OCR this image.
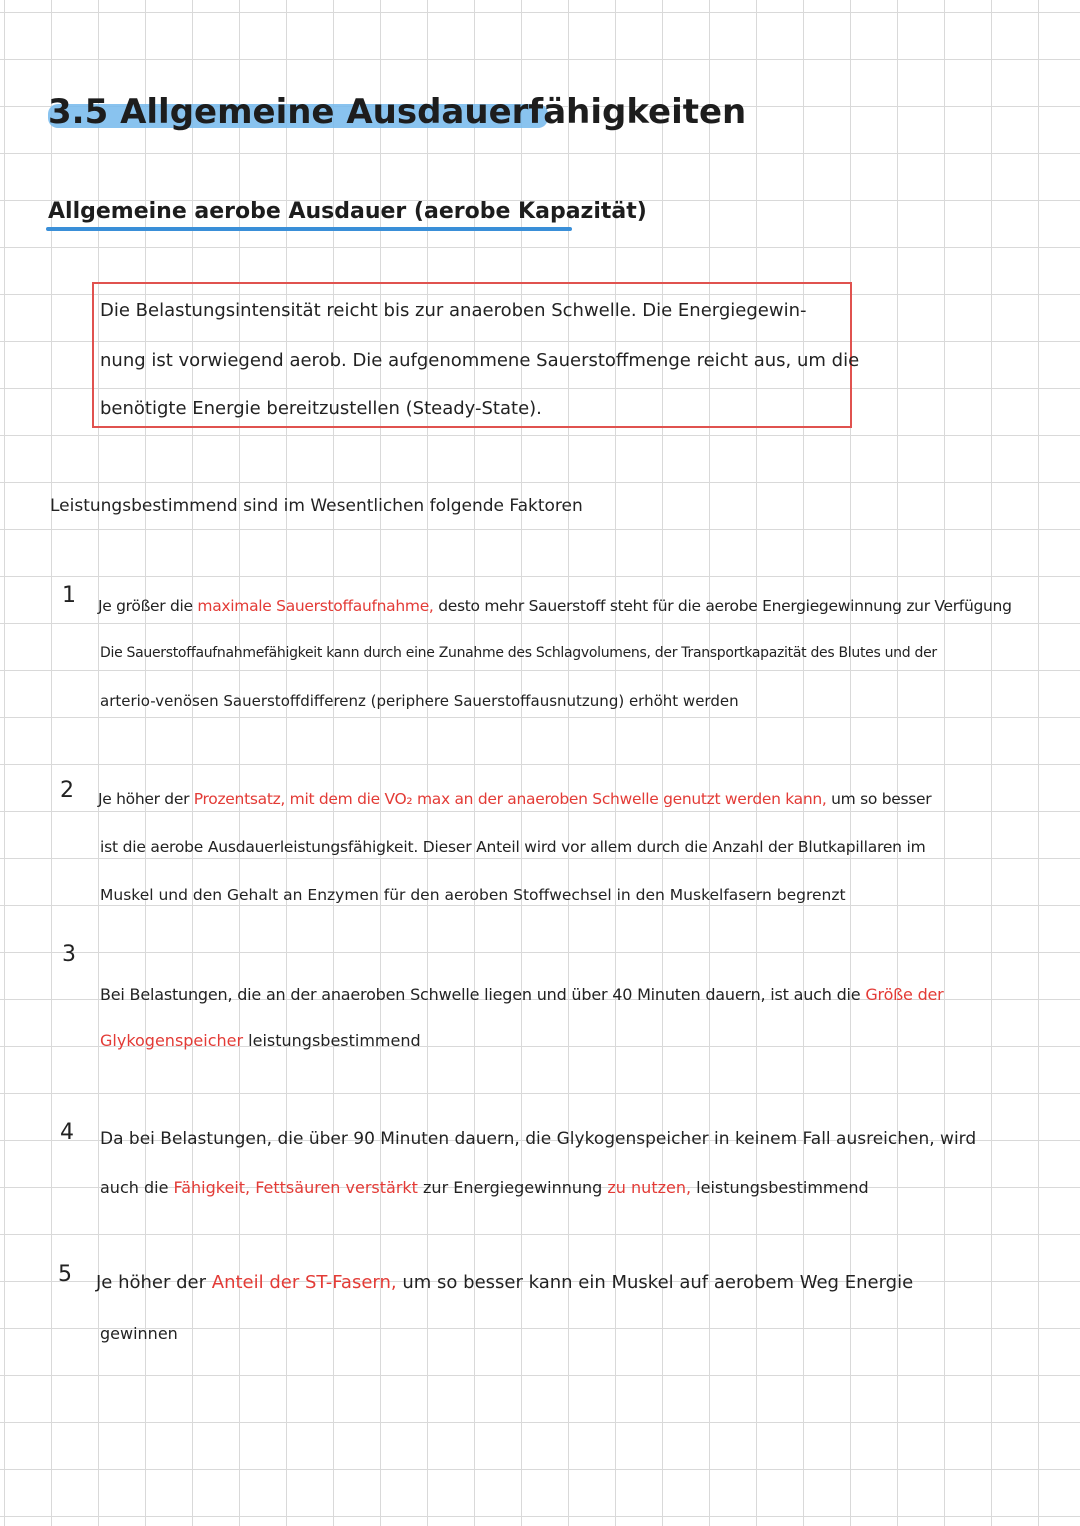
3.5 Allgemeine Ausdauerfähigkeiten
Allgemeine aerobe Ausdauer (aerobe Kapazität)
Die Belastungsintensität reicht bis zur anaeroben Schwelle. Die Energiegewin-
nung ist vorwiegend aerob. Die aufgenommene Sauerstoffmenge reicht aus, um die
benötigte Energie bereitzustellen (Steady-State).
Leistungsbestimmend sind im Wesentlichen folgende Faktoren
1 Je größer die maximale Sauerstoffaufnahme, desto mehr Sauerstoff steht für die aerobe Energiegewinnung zur Verfügung
Die Sauerstoffaufnahmefähigkeit kann durch eine Zunahme des Schlagvolumens, der Transportkapazität des Blutes und der
arterio-venösen Sauerstoffdifferenz (periphere Sauerstoffausnutzung) erhöht werden
2 Je höher der Prozentsatz, mit dem die VO₂ max an der anaeroben Schwelle genutzt werden kann, um so besser
ist die aerobe Ausdauerleistungsfähigkeit. Dieser Anteil wird vor allem durch die Anzahl der Blutkapillaren im
Muskel und den Gehalt an Enzymen für den aeroben Stoffwechsel in den Muskelfasern begrenzt
3
Bei Belastungen, die an der anaeroben Schwelle liegen und über 40 Minuten dauern, ist auch die Größe der
Glykogenspeicher leistungsbestimmend
4 Da bei Belastungen, die über 90 Minuten dauern, die Glykogenspeicher in keinem Fall ausreichen, wird
auch die Fähigkeit, Fettsäuren verstärkt zur Energiegewinnung zu nutzen, leistungsbestimmend
5 Je höher der Anteil der ST-Fasern, um so besser kann ein Muskel auf aerobem Weg Energie
gewinnen
